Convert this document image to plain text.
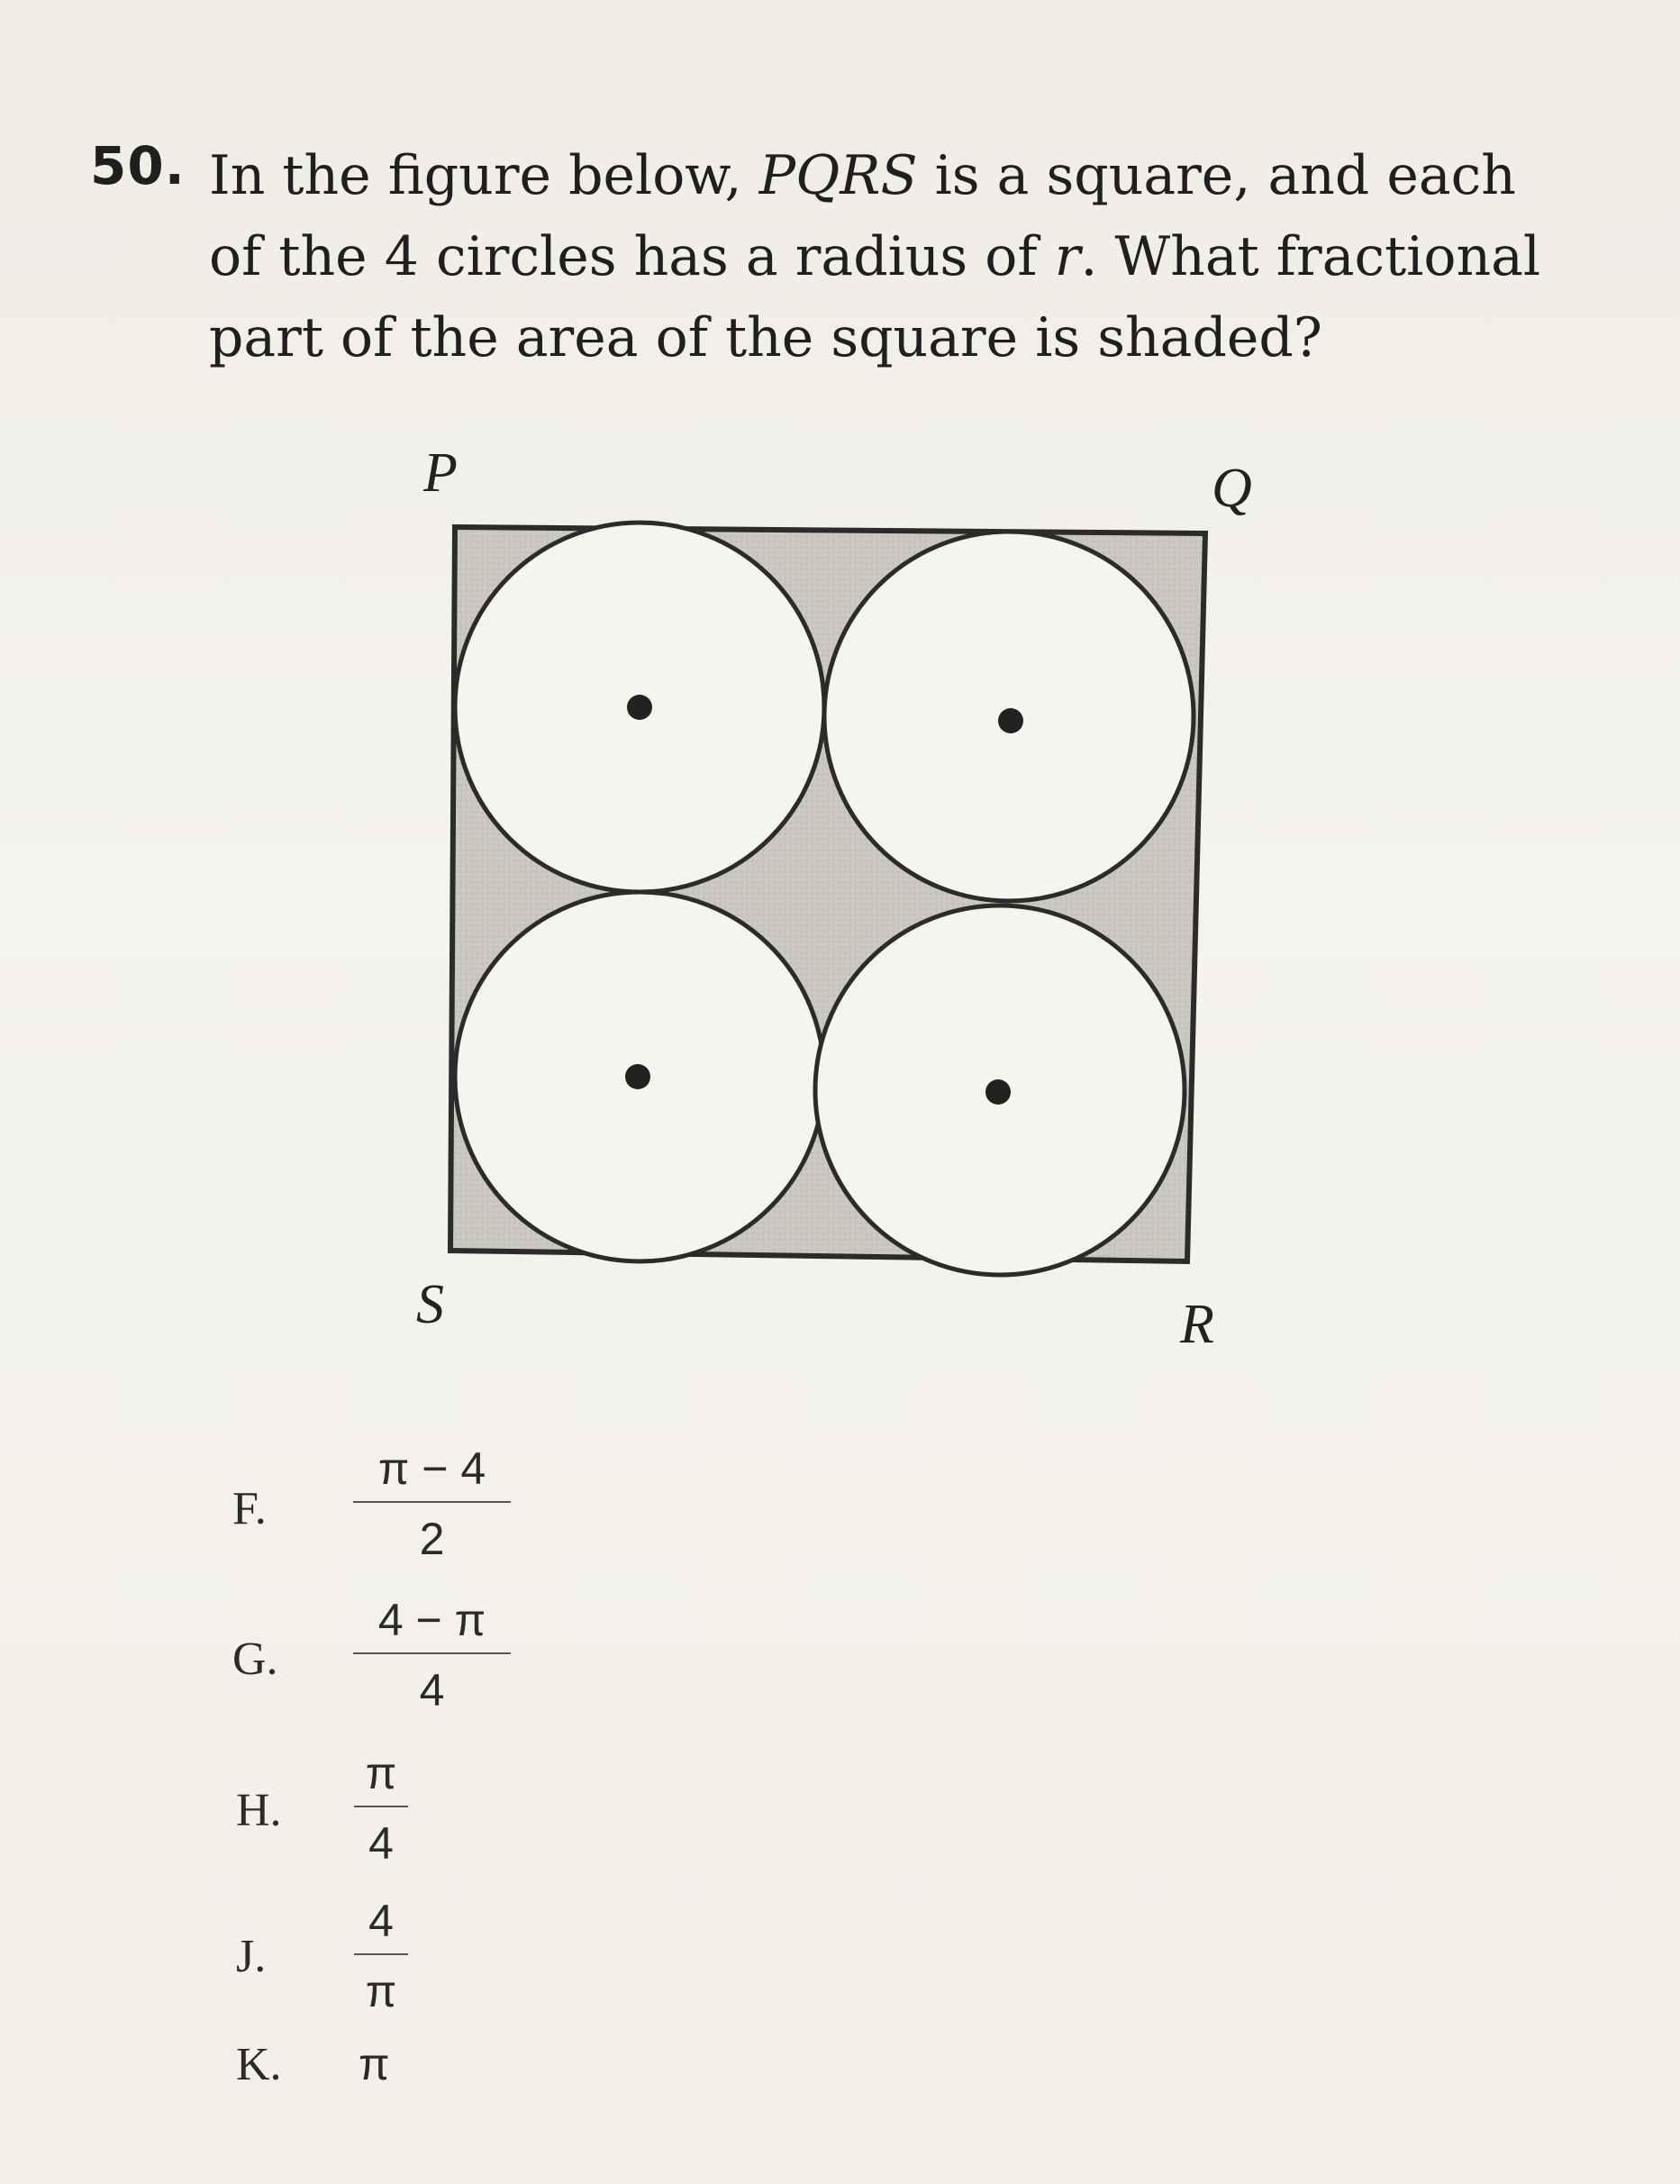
50. In the figure below, PQRS is a square, and each
of the 4 circles has a radius of r. What fractional
part of the area of the square is shaded?
P	Q
S	R
F.
π − 4
2
G.
4 − π
4
H.
π
4
J.
4
π
K. π
